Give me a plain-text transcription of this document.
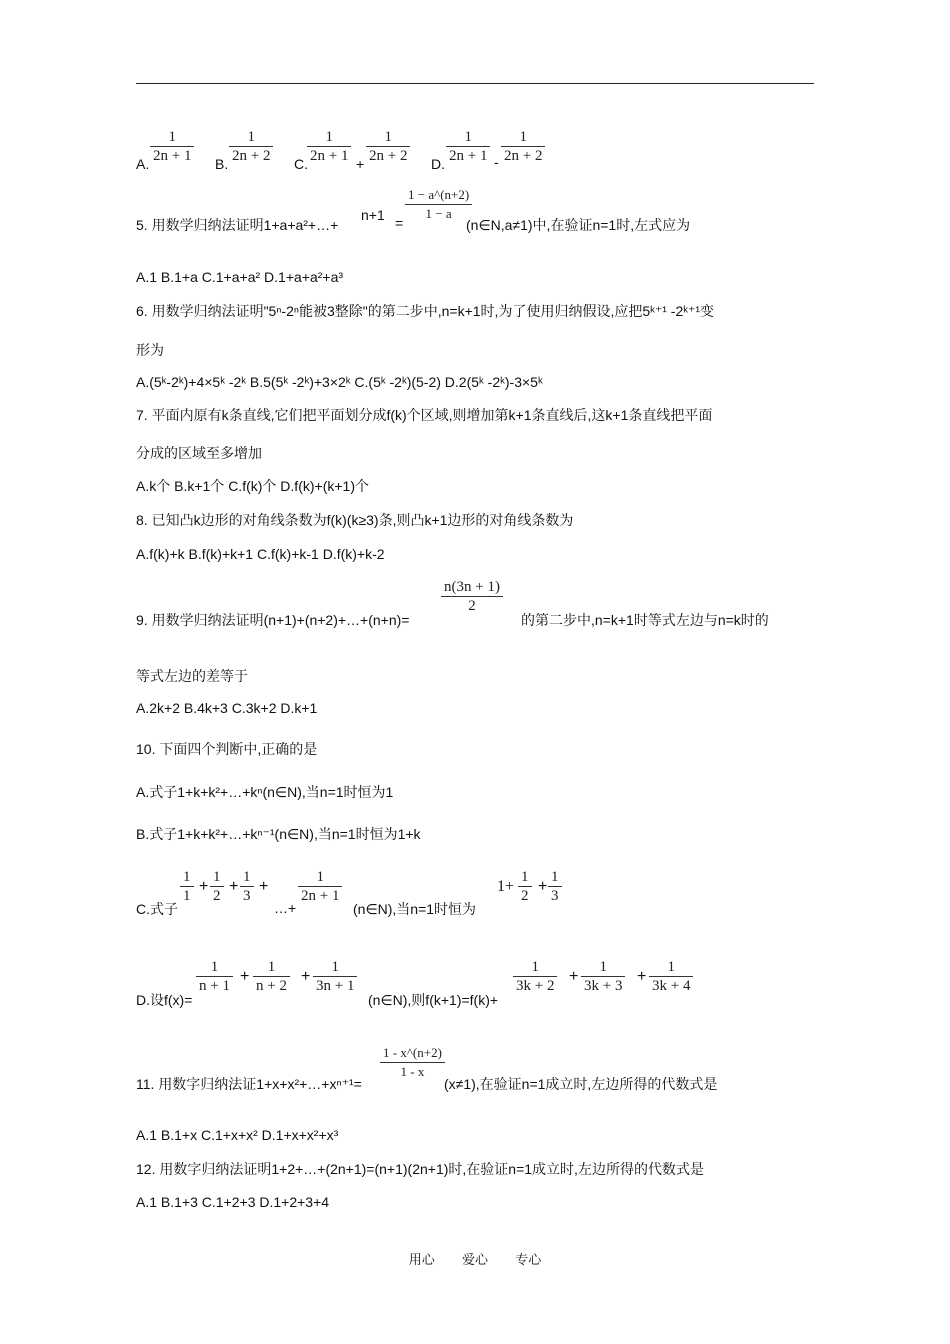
A. $\frac{1}{2n + 1} B$. $\frac{1}{2n + 2} C$. $\frac{1}{2n + 1} + \frac{1}{2n + 2} D$. $\frac{1}{2n + 1} - \frac{1}{2n + 2}$
5. 用数学归纳法证明1+a+a²+…+
$n+1 = \frac{1 - a\^{}(n+2)}{1 - a}$
(n∈N,a≠1)中,在验证n=1时,左式应为
A.1 B.1+a C.1+a+a² D.1+a+a²+a³
6. 用数学归纳法证明"5ⁿ-2ⁿ能被3整除"的第二步中,n=k+1时,为了使用归纳假设,应把5ᵏ⁺¹ -2ᵏ⁺¹变
形为
A.(5ᵏ-2ᵏ)+4×5ᵏ -2ᵏ B.5(5ᵏ -2ᵏ)+3×2ᵏ C.(5ᵏ -2ᵏ)(5-2) D.2(5ᵏ -2ᵏ)-3×5ᵏ
7. 平面内原有k条直线,它们把平面划分成f(k)个区域,则增加第k+1条直线后,这k+1条直线把平面
分成的区域至多增加
A.k个 B.k+1个 C.f(k)个 D.f(k)+(k+1)个
8. 已知凸k边形的对角线条数为f(k)(k≥3)条,则凸k+1边形的对角线条数为
A.f(k)+k B.f(k)+k+1 C.f(k)+k-1 D.f(k)+k-2
9. 用数学归纳法证明(n+1)+(n+2)+…+(n+n)=
$\frac{n(3n + 1)}{2}$
的第二步中,n=k+1时等式左边与n=k时的
等式左边的差等于
A.2k+2 B.4k+3 C.3k+2 D.k+1
10. 下面四个判断中,正确的是
A.式子1+k+k²+…+kⁿ(n∈N),当n=1时恒为1
B.式子1+k+k²+…+kⁿ⁻¹(n∈N),当n=1时恒为1+k
C.式子
$\frac{1}{1} + \frac{1}{2} + \frac{1}{3}$ +
…+
$\frac{1}{2n + 1}$
(n∈N),当n=1时恒为
$1+ \frac{1}{2} + \frac{1}{3}$
D.设f(x)=
$\frac{1}{n + 1} + \frac{1}{n + 2} + \frac{1}{3n + 1}$
(n∈N),则f(k+1)=f(k)+
$\frac{1}{3k + 2} + \frac{1}{3k + 3} + \frac{1}{3k + 4}$
11. 用数字归纳法证1+x+x²+…+xⁿ⁺¹=
$\frac{1 - x\^{}(n+2)}{1 - x}$
(x≠1),在验证n=1成立时,左边所得的代数式是
A.1 B.1+x C.1+x+x² D.1+x+x²+x³
12. 用数字归纳法证明1+2+…+(2n+1)=(n+1)(2n+1)时,在验证n=1成立时,左边所得的代数式是
A.1 B.1+3 C.1+2+3 D.1+2+3+4
用心 爱心 专心
